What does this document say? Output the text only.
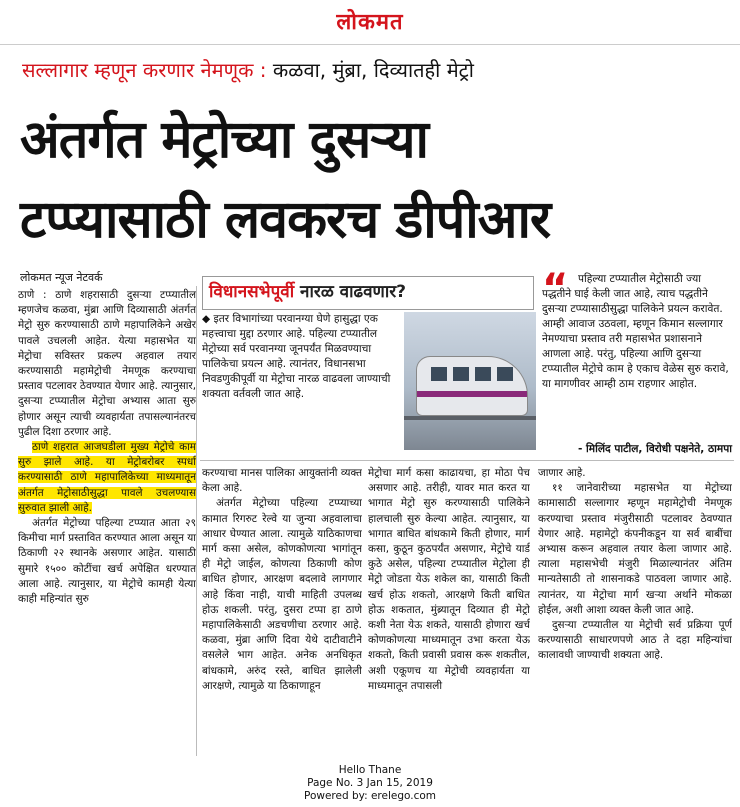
लोकमत
सल्लागार म्हणून करणार नेमणूक : कळवा, मुंब्रा, दिव्यातही मेट्रो
अंतर्गत मेट्रोच्या दुसऱ्या
टप्प्यासाठी लवकरच डीपीआर
लोकमत न्यूज नेटवर्क

ठाणे : ठाणे शहरासाठी दुसऱ्या टप्प्यातील म्हणजेच कळवा, मुंब्रा आणि दिव्यासाठी अंतर्गत मेट्रो सुरु करण्यासाठी ठाणे महापालिकेने अखेर पावले उचलली आहेत. येत्या महासभेत या मेट्रोचा सविस्तर प्रकल्प अहवाल तयार करण्यासाठी महामेट्रोची नेमणूक करण्याचा प्रस्ताव पटलावर ठेवण्यात येणार आहे. त्यानुसार, दुसऱ्या टप्प्यातील मेट्रोचा अभ्यास आता सुरु होणार असून त्याची व्यवहार्यता तपासल्यानंतरच पुढील दिशा ठरणार आहे.

ठाणे शहरात आजघडीला मुख्य मेट्रोचे काम सुरु झाले आहे. या मेट्रोबरोबर स्पर्धा करण्यासाठी ठाणे महापालिकेच्या माध्यमातून अंतर्गत मेट्रोसाठीसुद्धा पावले उचलण्यास सुरुवात झाली आहे.

अंतर्गत मेट्रोच्या पहिल्या टप्प्यात आता २९ किमीचा मार्ग प्रस्तावित करण्यात आला असून या ठिकाणी २२ स्थानके असणार आहेत. यासाठी सुमारे १५०० कोटींचा खर्च अपेक्षित धरण्यात आला आहे. त्यानुसार, या मेट्रोचे कामही येत्या काही महिन्यांत सुरु

विधानसभेपूर्वी नारळ वाढवणार?
◆ इतर विभागांच्या परवानग्या घेणे हासुद्धा एक महत्त्वाचा मुद्दा ठरणार आहे. पहिल्या टप्प्यातील मेट्रोच्या सर्व परवानग्या जूनपर्यंत मिळवण्याचा पालिकेचा प्रयत्न आहे. त्यानंतर, विधानसभा निवडणुकीपूर्वी या मेट्रोचा नारळ वाढवला जाण्याची शक्यता वर्तवली जात आहे.
“ पहिल्या टप्प्यातील मेट्रोसाठी ज्या पद्धतीने घाई केली जात आहे, त्याच पद्धतीने दुसऱ्या टप्प्यासाठीसुद्धा पालिकेने प्रयत्न करावेत. आम्ही आवाज उठवला, म्हणून किमान सल्लागार नेमण्याचा प्रस्ताव तरी महासभेत प्रशासनाने आणला आहे. परंतु, पहिल्या आणि दुसऱ्या टप्प्यातील मेट्रोचे काम हे एकाच वेळेस सुरु करावे, या मागणीवर आम्ही ठाम राहणार आहोत.
- मिलिंद पाटील, विरोधी पक्षनेते, ठामपा

करण्याचा मानस पालिका आयुक्तांनी व्यक्त केला आहे.

अंतर्गत मेट्रोच्या पहिल्या टप्प्याच्या कामात रिगरुट रेल्वे या जुन्या अहवालाचा आधार घेण्यात आला. त्यामुळे याठिकाणचा मार्ग कसा असेल, कोणकोणत्या भागांतून ही मेट्रो जाईल, कोणत्या ठिकाणी कोण बाधित होणार, आरक्षण बदलावे लागणार आहे किंवा नाही, याची माहिती उपलब्ध होऊ शकली. परंतु, दुसरा टप्पा हा ठाणे महापालिकेसाठी अडचणीचा ठरणार आहे. कळवा, मुंब्रा आणि दिवा येथे दाटीवाटीने वसलेले भाग आहेत. अनेक अनधिकृत बांधकामे, अरुंद रस्ते, बाधित झालेली आरक्षणे, त्यामुळे या ठिकाणाहून

मेट्रोचा मार्ग कसा काढायचा, हा मोठा पेच असणार आहे. तरीही, यावर मात करत या भागात मेट्रो सुरु करण्यासाठी पालिकेने हालचाली सुरु केल्या आहेत. त्यानुसार, या भागात बाधित बांधकामे किती होणार, मार्ग कसा, कुठून कुठपर्यंत असणार, मेट्रोचे यार्ड कुठे असेल, पहिल्या टप्प्यातील मेट्रोला ही मेट्रो जोडता येऊ शकेल का, यासाठी किती खर्च होऊ शकतो, आरक्षणे किती बाधित होऊ शकतात, मुंब्र्यातून दिव्यात ही मेट्रो कशी नेता येऊ शकते, यासाठी होणारा खर्च कोणकोणत्या माध्यमातून उभा करता येऊ शकतो, किती प्रवासी प्रवास करू शकतील, अशी एकूणच या मेट्रोची व्यवहार्यता या माध्यमातून तपासली

जाणार आहे.

११ जानेवारीच्या महासभेत या मेट्रोच्या कामासाठी सल्लागार म्हणून महामेट्रोची नेमणूक करण्याचा प्रस्ताव मंजुरीसाठी पटलावर ठेवण्यात येणार आहे. महामेट्रो कंपनीकडून या सर्व बाबींचा अभ्यास करून अहवाल तयार केला जाणार आहे. त्याला महासभेची मंजुरी मिळाल्यानंतर अंतिम मान्यतेसाठी तो शासनाकडे पाठवला जाणार आहे. त्यानंतर, या मेट्रोचा मार्ग खऱ्या अर्थाने मोकळा होईल, अशी आशा व्यक्त केली जात आहे.

दुसऱ्या टप्प्यातील या मेट्रोची सर्व प्रक्रिया पूर्ण करण्यासाठी साधारणपणे आठ ते दहा महिन्यांचा कालावधी जाण्याची शक्यता आहे.

Hello Thane
Page No. 3 Jan 15, 2019
Powered by: erelego.com
